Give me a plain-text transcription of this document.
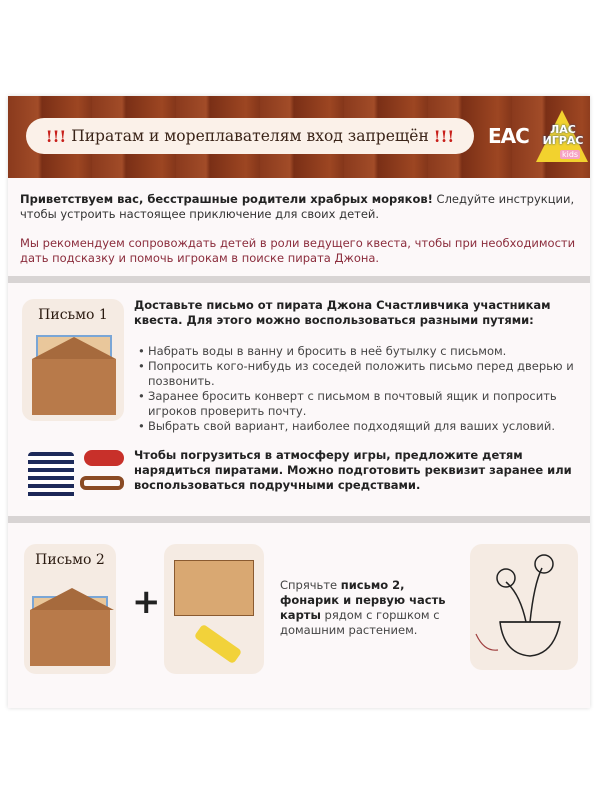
!!! Пиратам и мореплавателям вход запрещён !!! EAC	ЛАС ИГРАС
kids

Приветствуем вас, бесстрашные родители храбрых моряков! Следуйте инструкции, чтобы устроить настоящее приключение для своих детей.

Мы рекомендуем сопровождать детей в роли ведущего квеста, чтобы при необходимости дать подсказку и помочь игрокам в поиске пирата Джона.

Письмо 1

Доставьте письмо от пирата Джона Счастливчика участникам квеста. Для этого можно воспользоваться разными путями:

• Набрать воды в ванну и бросить в неё бутылку с письмом.
• Попросить кого-нибудь из соседей положить письмо перед дверью и позвонить.
• Заранее бросить конверт с письмом в почтовый ящик и попросить игроков проверить почту.
• Выбрать свой вариант, наиболее подходящий для ваших условий.

Чтобы погрузиться в атмосферу игры, предложите детям нарядиться пиратами. Можно подготовить реквизит заранее или воспользоваться подручными средствами.

Письмо 2
+	Спрячьте письмо 2, фонарик и первую часть карты рядом с горшком с домашним растением.
